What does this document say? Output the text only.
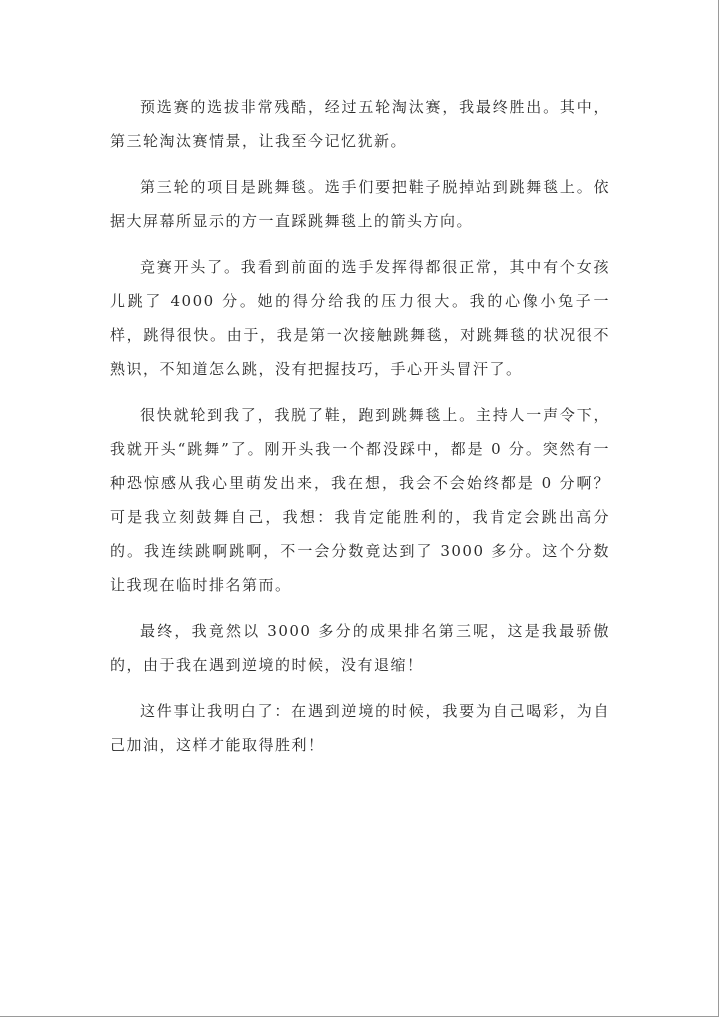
预选赛的选拔非常残酷，经过五轮淘汰赛，我最终胜出。其中，第三轮淘汰赛情景，让我至今记忆犹新。

第三轮的项目是跳舞毯。选手们要把鞋子脱掉站到跳舞毯上。依据大屏幕所显示的方一直踩跳舞毯上的箭头方向。

竞赛开头了。我看到前面的选手发挥得都很正常，其中有个女孩儿跳了 4000 分。她的得分给我的压力很大。我的心像小兔子一样，跳得很快。由于，我是第一次接触跳舞毯，对跳舞毯的状况很不熟识，不知道怎么跳，没有把握技巧，手心开头冒汗了。

很快就轮到我了，我脱了鞋，跑到跳舞毯上。主持人一声令下，我就开头“跳舞”了。刚开头我一个都没踩中，都是 0 分。突然有一种恐惊感从我心里萌发出来，我在想，我会不会始终都是 0 分啊？可是我立刻鼓舞自己，我想：我肯定能胜利的，我肯定会跳出高分的。我连续跳啊跳啊，不一会分数竟达到了 3000 多分。这个分数让我现在临时排名第而。

最终，我竟然以 3000 多分的成果排名第三呢，这是我最骄傲的，由于我在遇到逆境的时候，没有退缩！

这件事让我明白了：在遇到逆境的时候，我要为自己喝彩，为自己加油，这样才能取得胜利！
